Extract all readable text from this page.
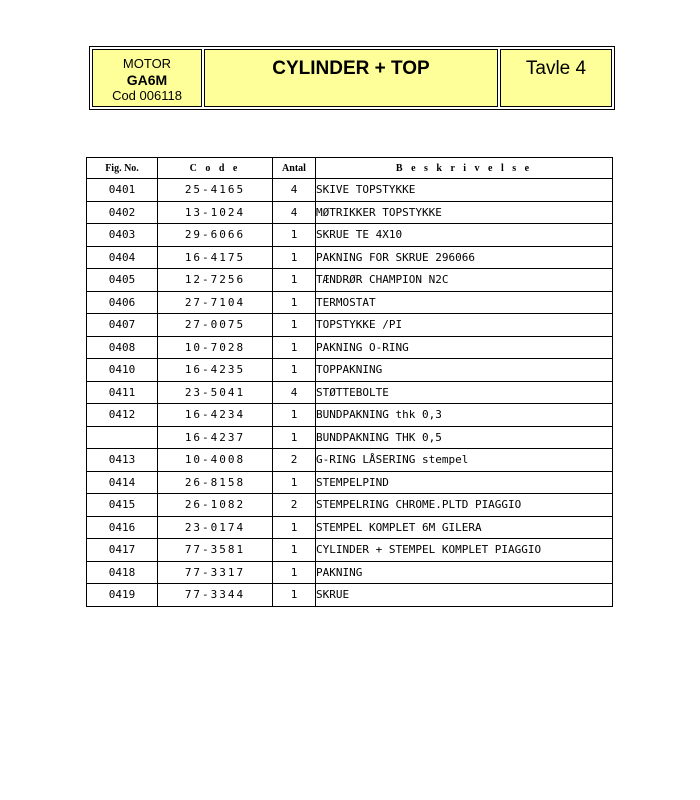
MOTOR
GA6M
Cod 006118
CYLINDER + TOP	Tavle 4
Fig. No.	C o d e	Antal	B e s k r i v e l s e
0401	25-4165	4	SKIVE TOPSTYKKE
0402	13-1024	4	MØTRIKKER TOPSTYKKE
0403	29-6066	1	SKRUE TE 4X10
0404	16-4175	1	PAKNING FOR SKRUE 296066
0405	12-7256	1	TÆNDRØR CHAMPION N2C
0406	27-7104	1	TERMOSTAT
0407	27-0075	1	TOPSTYKKE /PI
0408	10-7028	1	PAKNING O-RING
0410	16-4235	1	TOPPAKNING
0411	23-5041	4	STØTTEBOLTE
0412	16-4234	1	BUNDPAKNING thk 0,3
	16-4237	1	BUNDPAKNING THK 0,5
0413	10-4008	2	G-RING LÅSERING stempel
0414	26-8158	1	STEMPELPIND
0415	26-1082	2	STEMPELRING CHROME.PLTD PIAGGIO
0416	23-0174	1	STEMPEL KOMPLET 6M GILERA
0417	77-3581	1	CYLINDER + STEMPEL KOMPLET PIAGGIO
0418	77-3317	1	PAKNING
0419	77-3344	1	SKRUE
